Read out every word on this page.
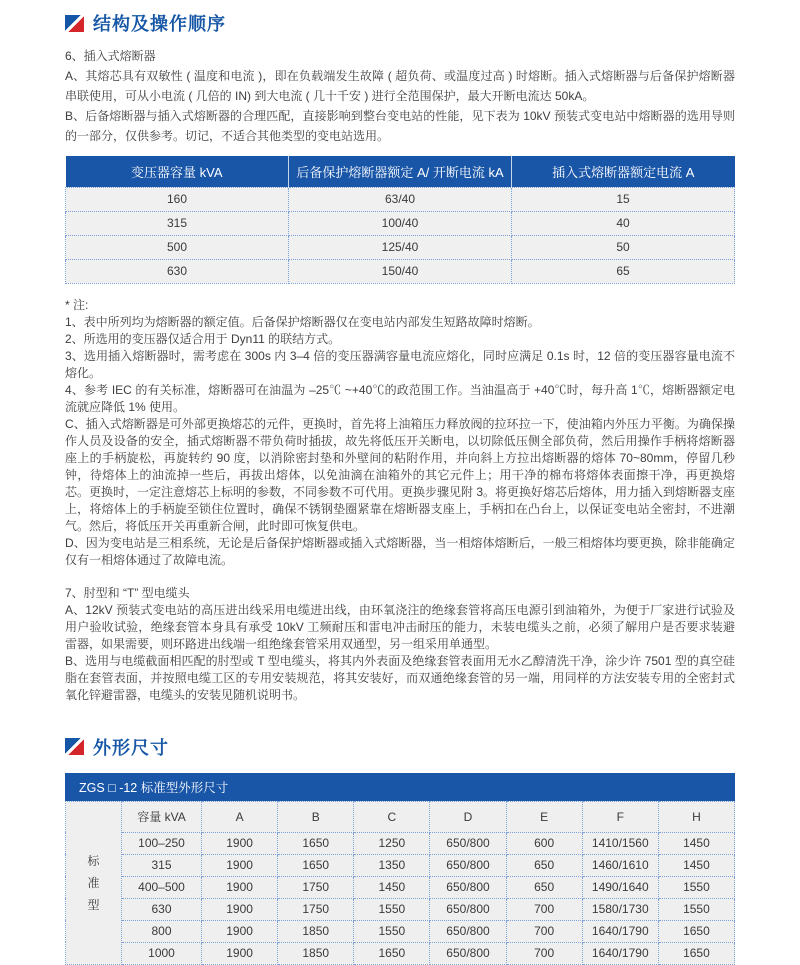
结构及操作顺序

6、插入式熔断器

A、其熔芯具有双敏性 ( 温度和电流 )，即在负载端发生故障 ( 超负荷、或温度过高 ) 时熔断。插入式熔断器与后备保护熔断器串联使用，可从小电流 ( 几倍的 IN) 到大电流 ( 几十千安 ) 进行全范围保护，最大开断电流达 50kA。

B、后备熔断器与插入式熔断器的合理匹配，直接影响到整台变电站的性能，见下表为 10kV 预装式变电站中熔断器的选用导则的一部分，仅供参考。切记，不适合其他类型的变电站选用。

变压器容量 kVA	后备保护熔断器额定 A/ 开断电流 kA	插入式熔断器额定电流 A
160	63/40	15
315	100/40	40
500	125/40	50
630	150/40	65

* 注:

1、表中所列均为熔断器的额定值。后备保护熔断器仅在变电站内部发生短路故障时熔断。

2、所选用的变压器仅适合用于 Dyn11 的联结方式。

3、选用插入熔断器时，需考虑在 300s 内 3–4 倍的变压器满容量电流应熔化，同时应满足 0.1s 时，12 倍的变压器容量电流不熔化。

4、参考 IEC 的有关标准，熔断器可在油温为 –25℃ ~+40℃的政范围工作。当油温高于 +40℃时，每升高 1℃，熔断器额定电流就应降低 1% 使用。

C、插入式熔断器是可外部更换熔芯的元件，更换时，首先将上油箱压力释放阀的拉环拉一下，使油箱内外压力平衡。为确保操作人员及设备的安全，插式熔断器不带负荷时插拔，故先将低压开关断电，以切除低压侧全部负荷，然后用操作手柄将熔断器座上的手柄旋松，再旋转约 90 度，以消除密封垫和外壁间的粘附作用，并向斜上方拉出熔断器的熔体 70~80mm，停留几秒钟，待熔体上的油流掉一些后，再拔出熔体，以免油滴在油箱外的其它元件上；用干净的棉布将熔体表面擦干净，再更换熔芯。更换时，一定注意熔芯上标明的参数，不同参数不可代用。更换步骤见附 3。将更换好熔芯后熔体，用力插入到熔断器支座上，将熔体上的手柄旋至锁住位置时，确保不锈钢垫圈紧靠在熔断器支座上，手柄扣在凸台上，以保证变电站全密封，不进潮气。然后，将低压开关再重新合闸，此时即可恢复供电。

D、因为变电站是三相系统，无论是后备保护熔断器或插入式熔断器，当一相熔体熔断后，一般三相熔体均要更换，除非能确定仅有一相熔体通过了故障电流。

7、肘型和 “T” 型电缆头

A、12kV 预装式变电站的高压进出线采用电缆进出线，由环氧浇注的绝缘套管将高压电源引到油箱外，为便于厂家进行试验及用户验收试验，绝缘套管本身具有承受 10kV 工频耐压和雷电冲击耐压的能力，未装电缆头之前，必须了解用户是否要求装避雷器，如果需要，则环路进出线端一组绝缘套管采用双通型，另一组采用单通型。

B、选用与电缆截面相匹配的肘型或 T 型电缆头，将其内外表面及绝缘套管表面用无水乙醇清洗干净，涂少许 7501 型的真空硅脂在套管表面，并按照电缆工区的专用安装规范，将其安装好，而双通绝缘套管的另一端，用同样的方法安装专用的全密封式氧化锌避雷器，电缆头的安装见随机说明书。

外形尺寸
ZGS □ -12 标准型外形尺寸
标准型	容量 kVA	A	B	C	D	E	F	H
	100–250	1900	1650	1250	650/800	600	1410/1560	1450
	315	1900	1650	1350	650/800	650	1460/1610	1450
	400–500	1900	1750	1450	650/800	650	1490/1640	1550
	630	1900	1750	1550	650/800	700	1580/1730	1550
	800	1900	1850	1550	650/800	700	1640/1790	1650
	1000	1900	1850	1650	650/800	700	1640/1790	1650
